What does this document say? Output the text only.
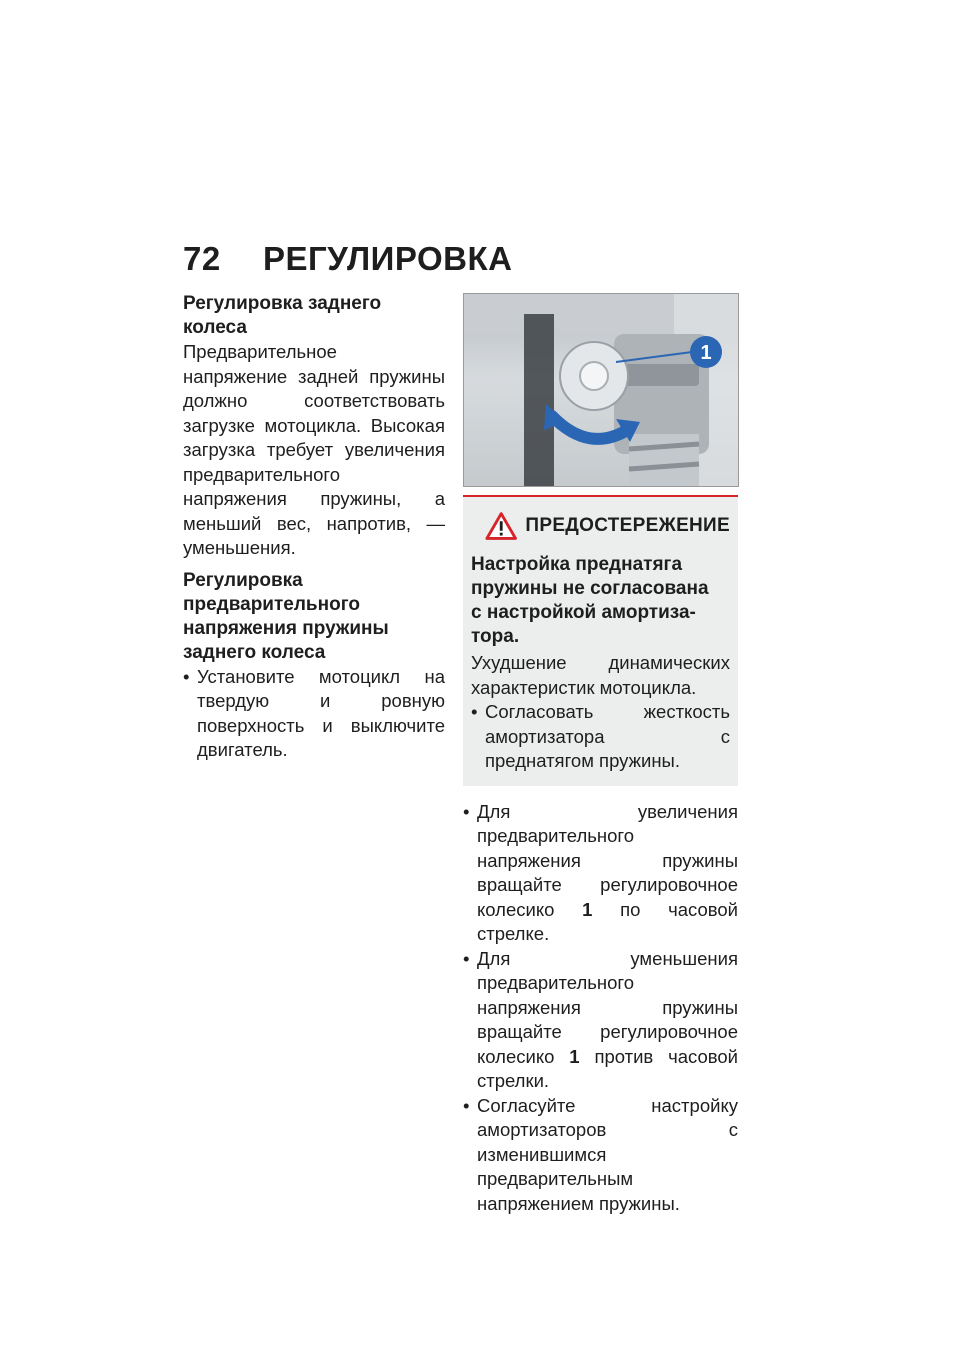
72 РЕГУЛИРОВКА
Регулировка заднего
колеса

Предварительное напряжение задней пружины должно соответствовать загрузке мотоцикла. Высокая загрузка требует увеличения предварительного напряжения пружины, а меньший вес, напротив, — уменьшения.

Регулировка
предварительного
напряжения пружины
заднего колеса
• Установите мотоцикл на твердую и ровную поверхность и выключите двигатель.
1
ПРЕДОСТЕРЕЖЕНИЕ
Настройка преднатяга
пружины не согласована
с настройкой амортиза-
тора.

Ухудшение динамических характеристик мотоцикла.

• Согласовать жесткость амортизатора с преднатягом пружины.
• Для увеличения предварительного напряжения пружины вращайте регулировочное колесико 1 по часовой стрелке.
• Для уменьшения предварительного напряжения пружины вращайте регулировочное колесико 1 против часовой стрелки.
• Согласуйте настройку амортизаторов с изменившимся предварительным напряжением пружины.
